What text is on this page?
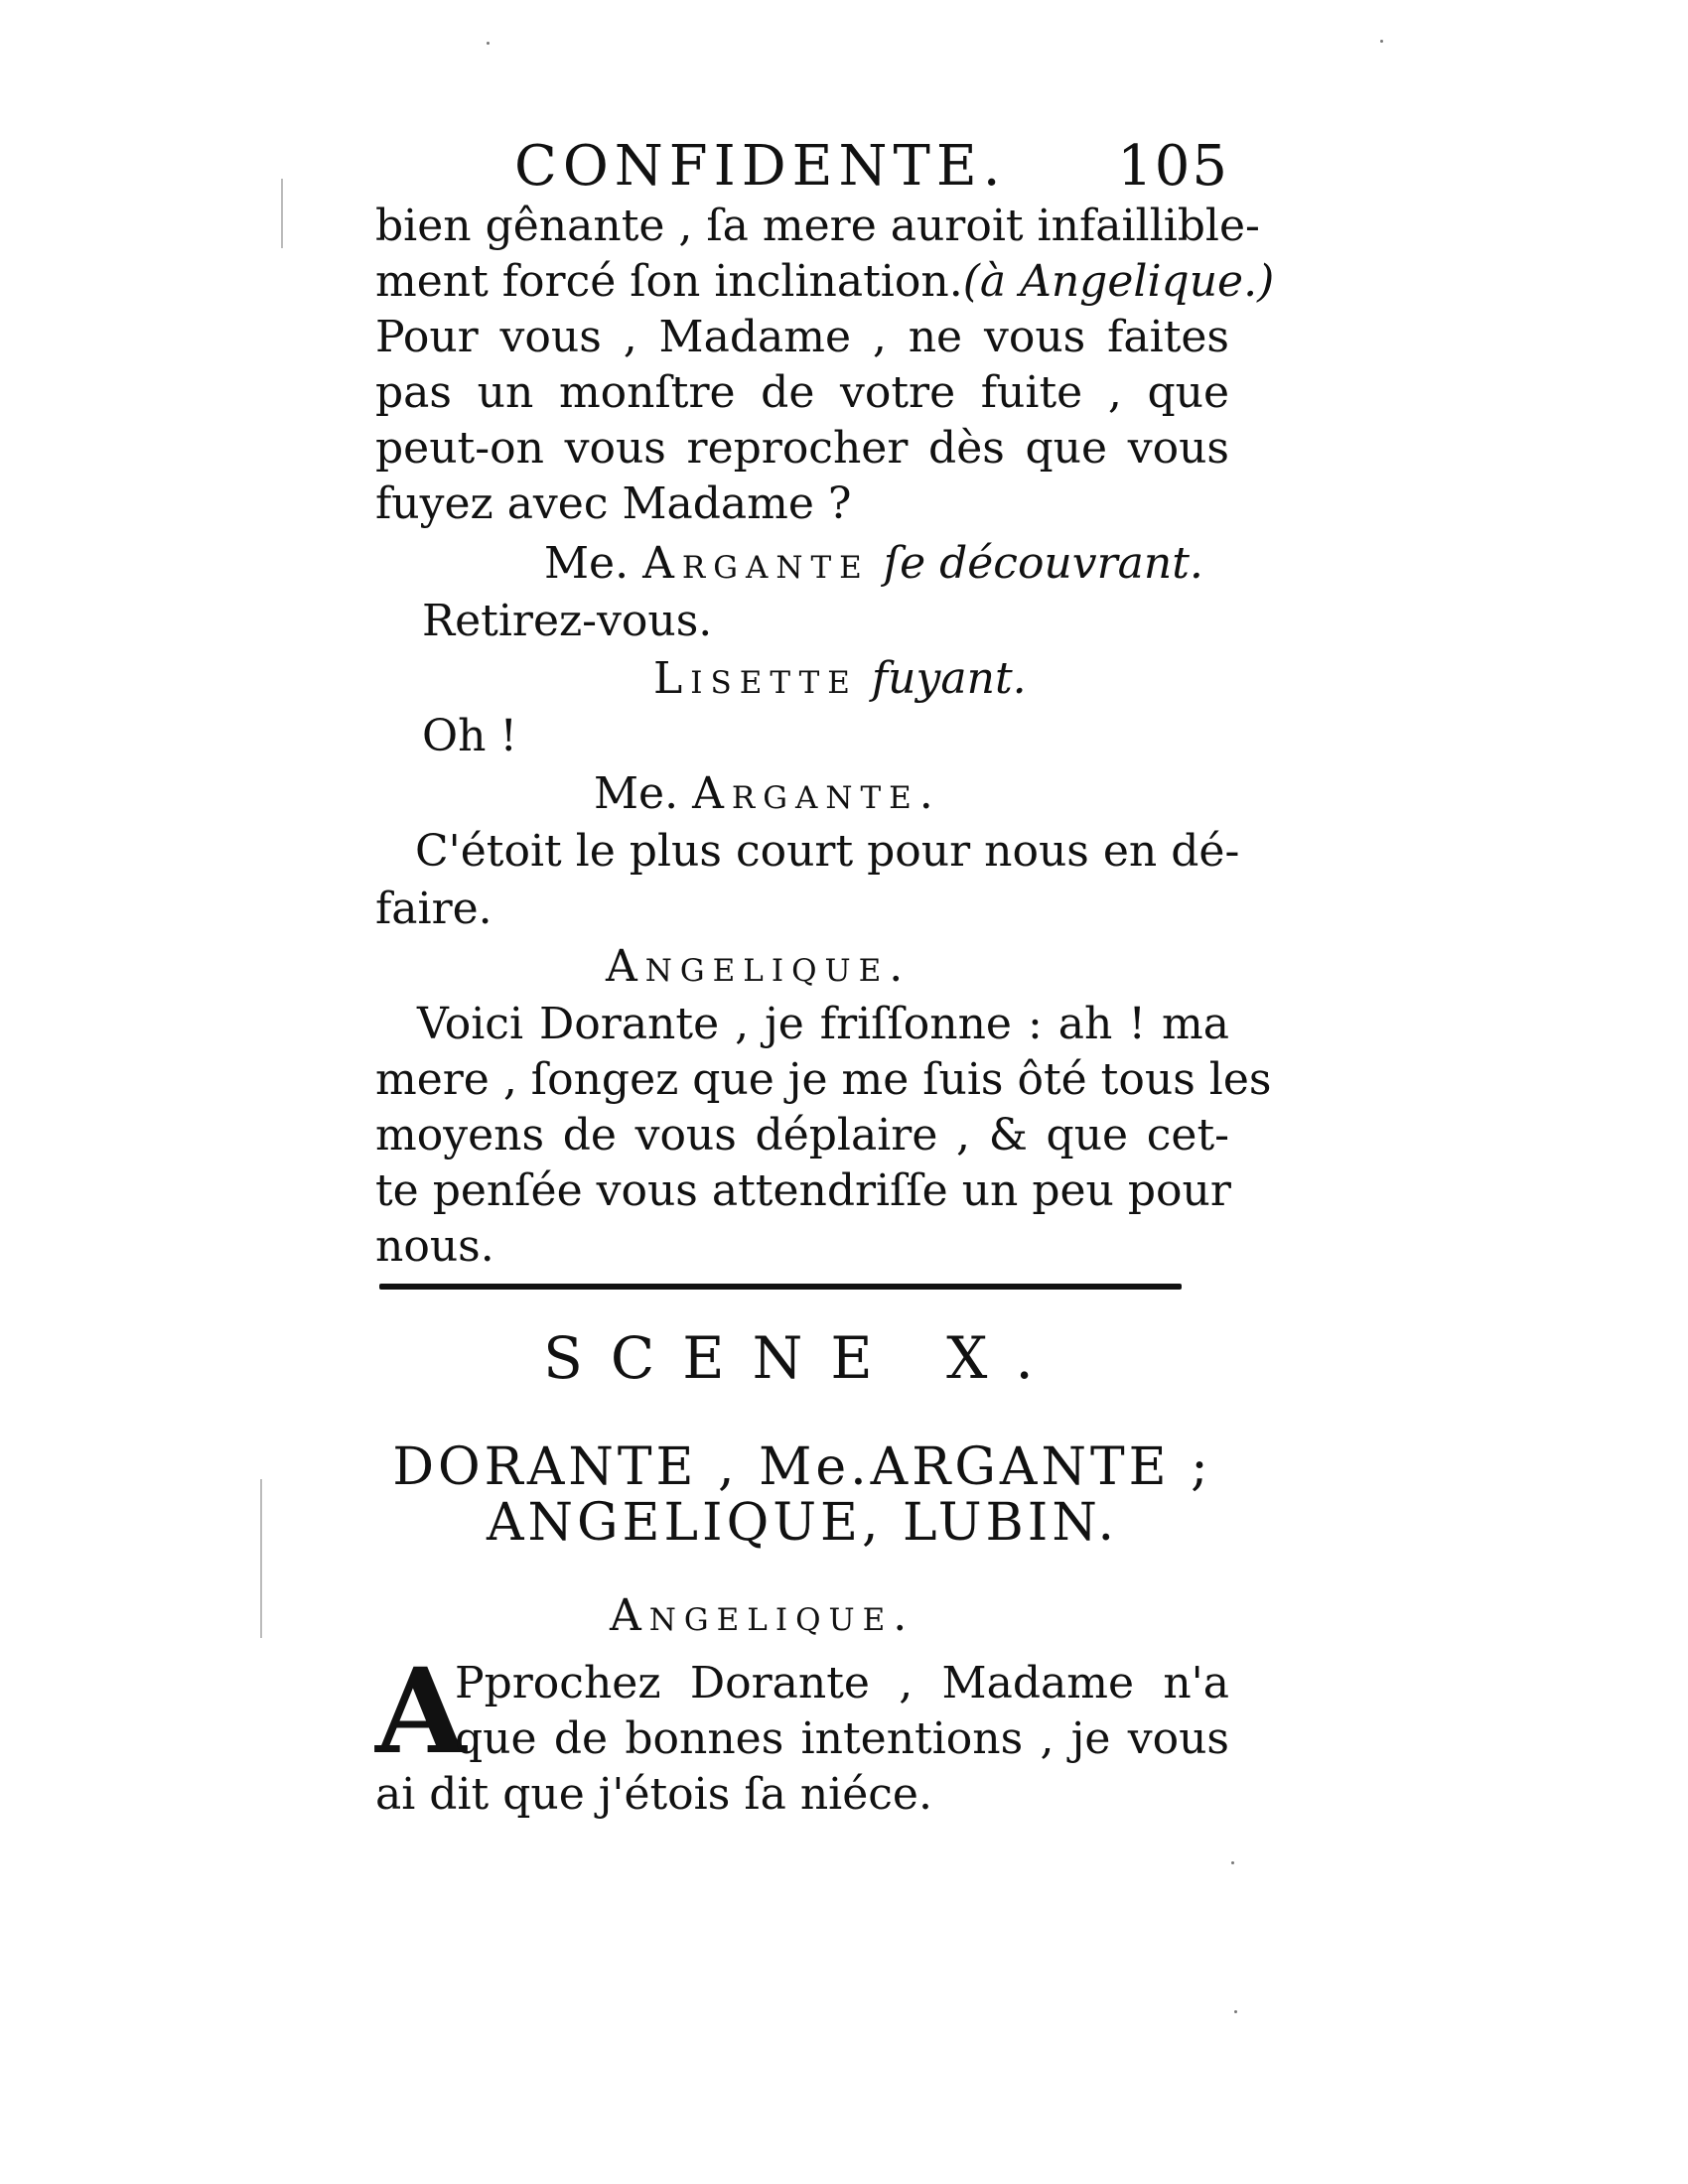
CONFIDENTE. 105
bien gênante , ſa mere auroit infaillible-
ment forcé ſon inclination. (à Angelique.)
Pour vous , Madame , ne vous faites
pas un monſtre de votre fuite , que
peut-on vous reprocher dès que vous
fuyez avec Madame ?
Me. Argante ſe découvrant.
Retirez-vous.
Lisette fuyant.
Oh !
Me. Argante.
C'étoit le plus court pour nous en dé-
faire.
Angelique.
Voici Dorante , je friſſonne : ah ! ma
mere , ſongez que je me ſuis ôté tous les
moyens de vous déplaire , & que cet-
te penſée vous attendriſſe un peu pour
nous.
SCENE X.
DORANTE , Me.ARGANTE ;
ANGELIQUE, LUBIN.
Angelique.
A
Pprochez Dorante , Madame n'a
que de bonnes intentions , je vous
ai dit que j'étois ſa niéce.
